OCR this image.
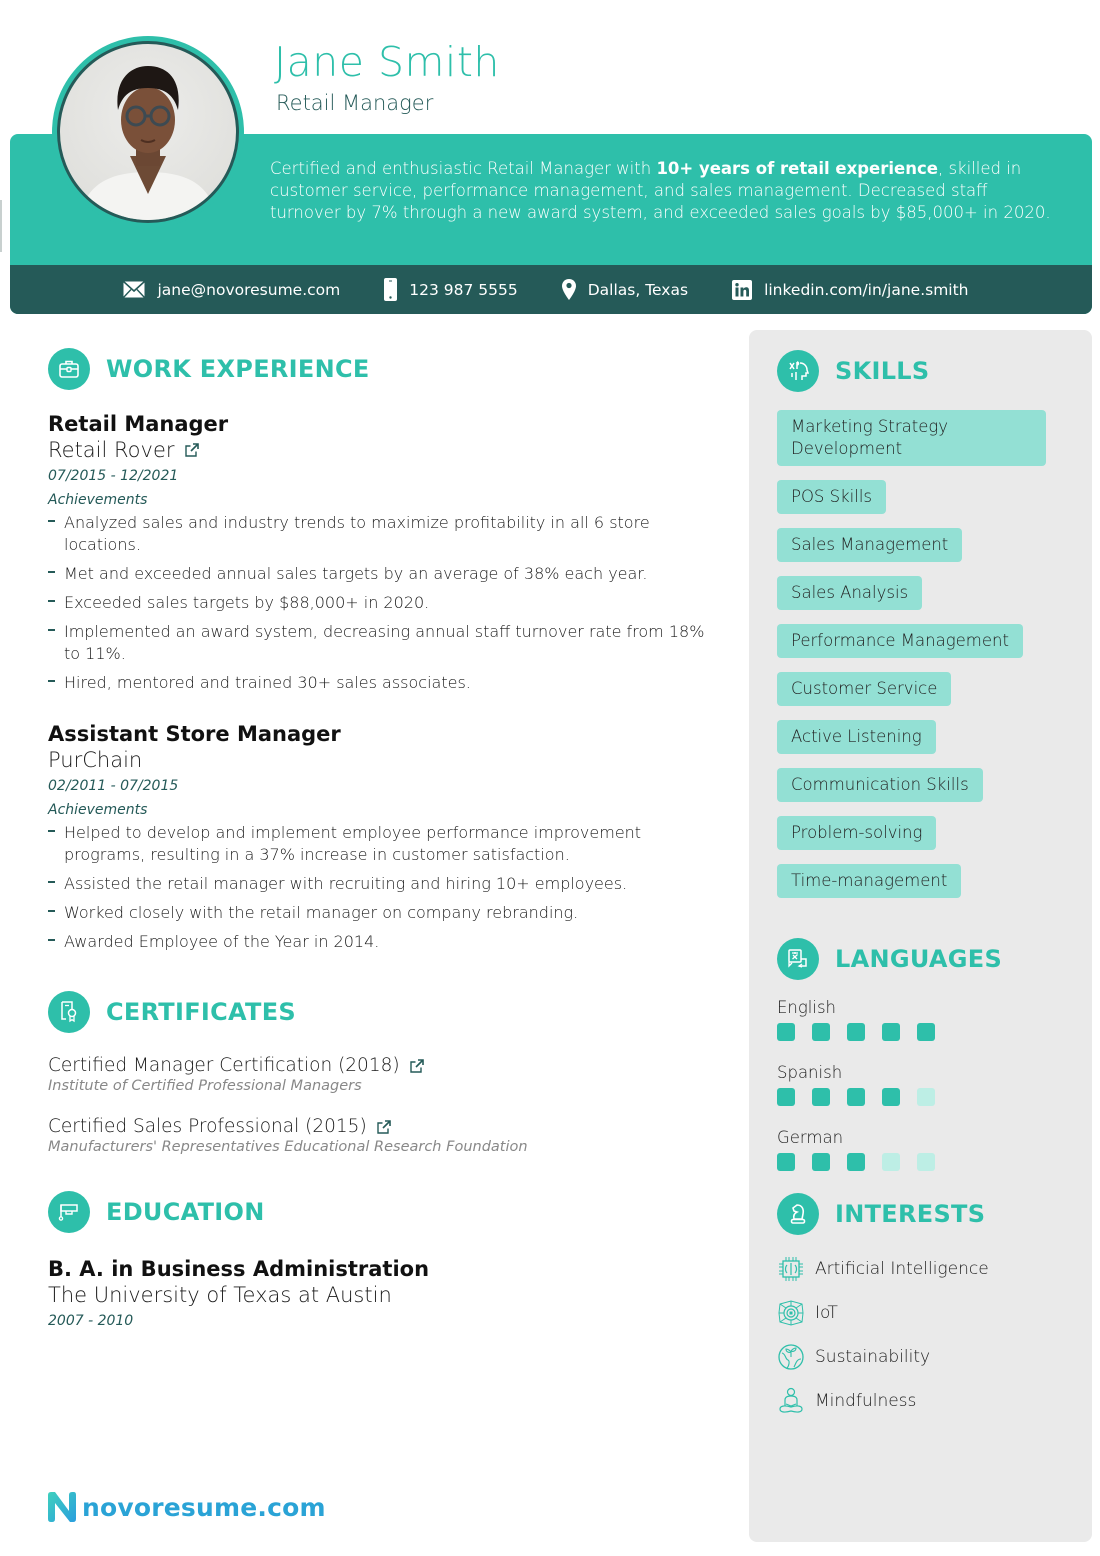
Certified and enthusiastic Retail Manager with 10+ years of retail experience, skilled in customer service, performance management, and sales management. Decreased staff turnover by 7% through a new award system, and exceeded sales goals by $85,000+ in 2020.

jane@novoresume.com	123 987 5555	Dallas, Texas	linkedin.com/in/jane.smith
Jane Smith
Retail Manager
WORK EXPERIENCE
Retail Manager
Retail Rover
07/2015 - 12/2021
Achievements
Analyzed sales and industry trends to maximize profitability in all 6 store locations.
Met and exceeded annual sales targets by an average of 38% each year.
Exceeded sales targets by $88,000+ in 2020.
Implemented an award system, decreasing annual staff turnover rate from 18% to 11%.
Hired, mentored and trained 30+ sales associates.
Assistant Store Manager
PurChain
02/2011 - 07/2015
Achievements
Helped to develop and implement employee performance improvement programs, resulting in a 37% increase in customer satisfaction.
Assisted the retail manager with recruiting and hiring 10+ employees.
Worked closely with the retail manager on company rebranding.
Awarded Employee of the Year in 2014.
CERTIFICATES
Certified Manager Certification (2018)
Institute of Certified Professional Managers
Certified Sales Professional (2015)
Manufacturers' Representatives Educational Research Foundation
EDUCATION
B. A. in Business Administration
The University of Texas at Austin
2007 - 2010
novoresume.com
SKILLS
Marketing Strategy Development
POS Skills
Sales Management
Sales Analysis
Performance Management
Customer Service
Active Listening
Communication Skills
Problem-solving
Time-management
LANGUAGES
English
Spanish
German
INTERESTS
Artificial Intelligence
IoT
Sustainability
Mindfulness
